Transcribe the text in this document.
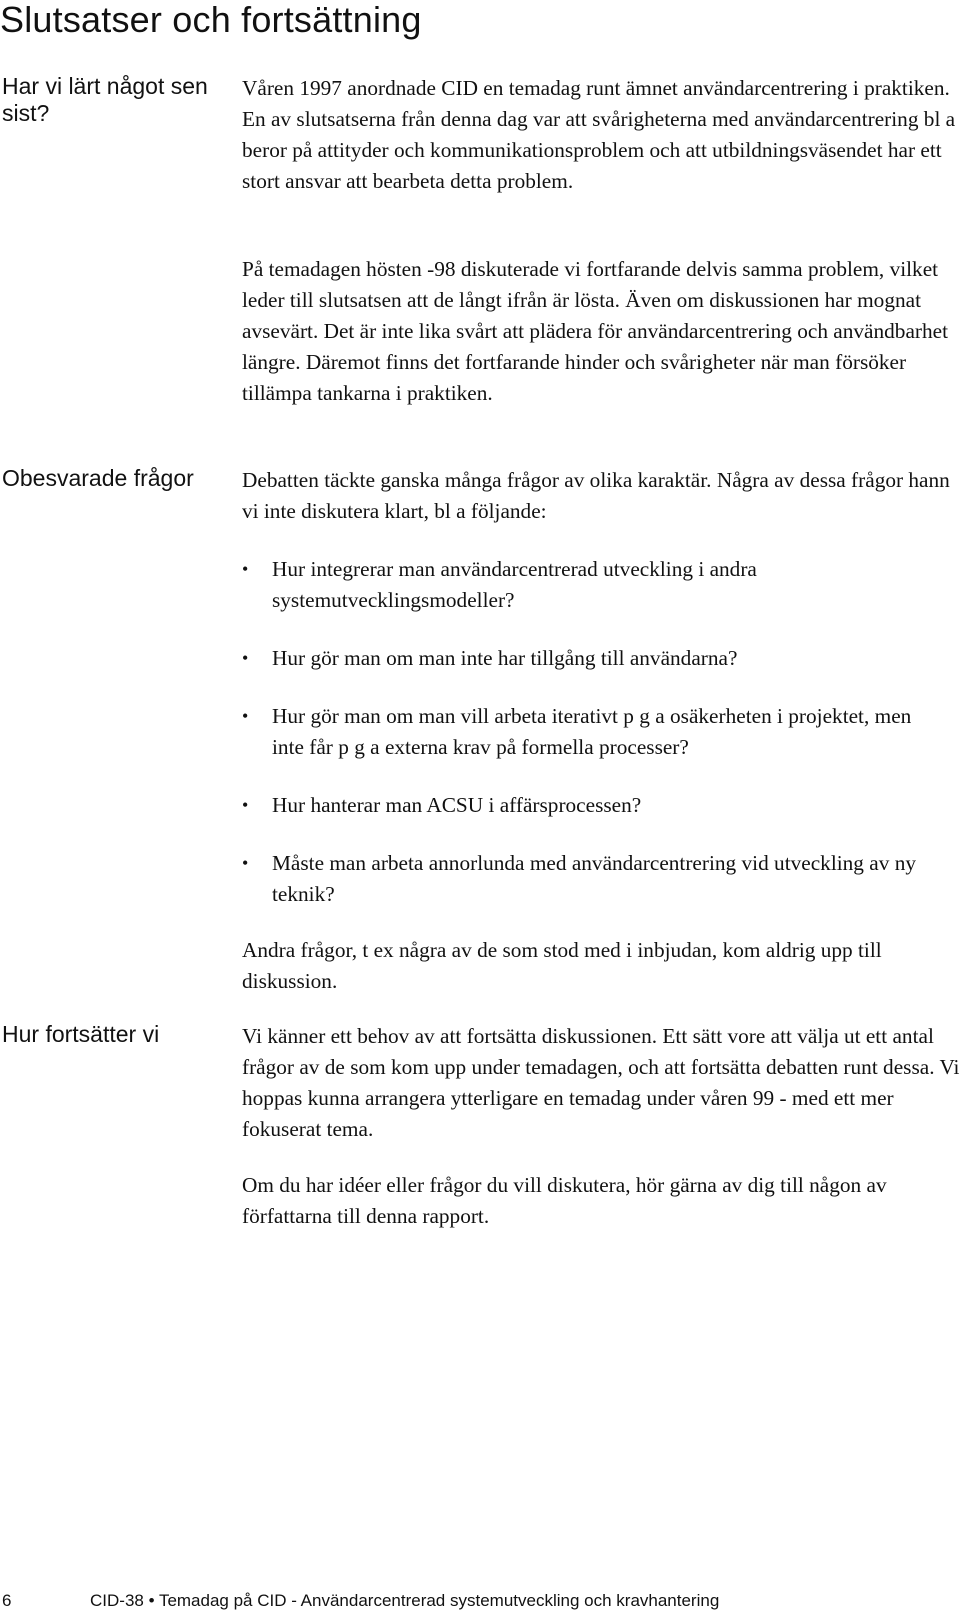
Slutsatser och fortsättning
Har vi lärt något sen sist?

Våren 1997 anordnade CID en temadag runt ämnet användarcentrering i praktiken. En av slutsatserna från denna dag var att svårigheterna med användarcentrering bl a beror på attityder och kommunikationsproblem och att utbildningsväsendet har ett stort ansvar att bearbeta detta problem.

På temadagen hösten -98 diskuterade vi fortfarande delvis samma problem, vilket leder till slutsatsen att de långt ifrån är lösta. Även om diskussionen har mognat avsevärt. Det är inte lika svårt att plädera för användarcentrering och användbarhet längre. Däremot finns det fortfarande hinder och svårigheter när man försöker tillämpa tankarna i praktiken.

Obesvarade frågor	Debatten täckte ganska många frågor av olika karaktär. Några av dessa frågor hann vi inte diskutera klart, bl a följande:

•	Hur integrerar man användarcentrerad utveckling i andra systemutvecklingsmodeller?
•	Hur gör man om man inte har tillgång till användarna?
•	Hur gör man om man vill arbeta iterativt p g a osäkerheten i projektet, men inte får p g a externa krav på formella processer?
•	Hur hanterar man ACSU i affärsprocessen?
•	Måste man arbeta annorlunda med användarcentrering vid utveckling av ny teknik?

Andra frågor, t ex några av de som stod med i inbjudan, kom aldrig upp till diskussion.

Hur fortsätter vi	Vi känner ett behov av att fortsätta diskussionen. Ett sätt vore att välja ut ett antal frågor av de som kom upp under temadagen, och att fortsätta debatten runt dessa. Vi hoppas kunna arrangera ytterligare en temadag under våren 99 - med ett mer fokuserat tema.

Om du har idéer eller frågor du vill diskutera, hör gärna av dig till någon av författarna till denna rapport.

6	CID-38 • Temadag på CID - Användarcentrerad systemutveckling och kravhantering
